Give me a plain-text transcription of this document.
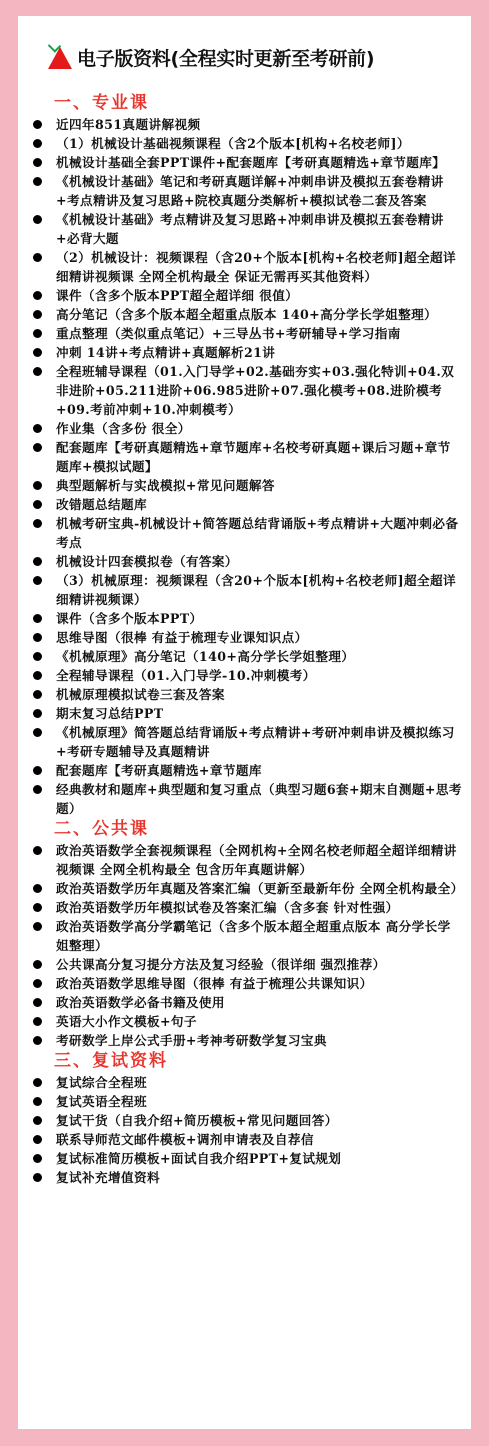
电子版资料(全程实时更新至考研前)
一、专业课
近四年851真题讲解视频
（1）机械设计基础视频课程（含2个版本[机构+名校老师]）
机械设计基础全套PPT课件+配套题库【考研真题精选+章节题库】
《机械设计基础》笔记和考研真题详解+冲刺串讲及模拟五套卷精讲+考点精讲及复习思路+院校真题分类解析+模拟试卷二套及答案
《机械设计基础》考点精讲及复习思路+冲刺串讲及模拟五套卷精讲+必背大题
（2）机械设计：视频课程（含20+个版本[机构+名校老师]超全超详细精讲视频课 全网全机构最全 保证无需再买其他资料）
课件（含多个版本PPT超全超详细 很值）
高分笔记（含多个版本超全超重点版本 140+高分学长学姐整理）
重点整理（类似重点笔记）+三导丛书+考研辅导+学习指南
冲刺 14讲+考点精讲+真题解析21讲
全程班辅导课程（01.入门导学+02.基础夯实+03.强化特训+04.双非进阶+05.211进阶+06.985进阶+07.强化模考+08.进阶模考+09.考前冲刺+10.冲刺模考）
作业集（含多份 很全）
配套题库【考研真题精选+章节题库+名校考研真题+课后习题+章节题库+模拟试题】
典型题解析与实战模拟+常见问题解答
改错题总结题库
机械考研宝典-机械设计+简答题总结背诵版+考点精讲+大题冲刺必备考点
机械设计四套模拟卷（有答案）
（3）机械原理：视频课程（含20+个版本[机构+名校老师]超全超详细精讲视频课）
课件（含多个版本PPT）
思维导图（很棒 有益于梳理专业课知识点）
《机械原理》高分笔记（140+高分学长学姐整理）
全程辅导课程（01.入门导学-10.冲刺模考）
机械原理模拟试卷三套及答案
期末复习总结PPT
《机械原理》简答题总结背诵版+考点精讲+考研冲刺串讲及模拟练习+考研专题辅导及真题精讲
配套题库【考研真题精选+章节题库
经典教材和题库+典型题和复习重点（典型习题6套+期末自测题+思考题）
二、公共课
政治英语数学全套视频课程（全网机构+全网名校老师超全超详细精讲视频课 全网全机构最全 包含历年真题讲解）
政治英语数学历年真题及答案汇编（更新至最新年份 全网全机构最全）
政治英语数学历年模拟试卷及答案汇编（含多套 针对性强）
政治英语数学高分学霸笔记（含多个版本超全超重点版本 高分学长学姐整理）
公共课高分复习提分方法及复习经验（很详细 强烈推荐）
政治英语数学思维导图（很棒 有益于梳理公共课知识）
政治英语数学必备书籍及使用
英语大小作文模板+句子
考研数学上岸公式手册+考神考研数学复习宝典
三、复试资料
复试综合全程班
复试英语全程班
复试干货（自我介绍+简历模板+常见问题回答）
联系导师范文邮件模板+调剂申请表及自荐信
复试标准简历模板+面试自我介绍PPT+复试规划
复试补充增值资料
